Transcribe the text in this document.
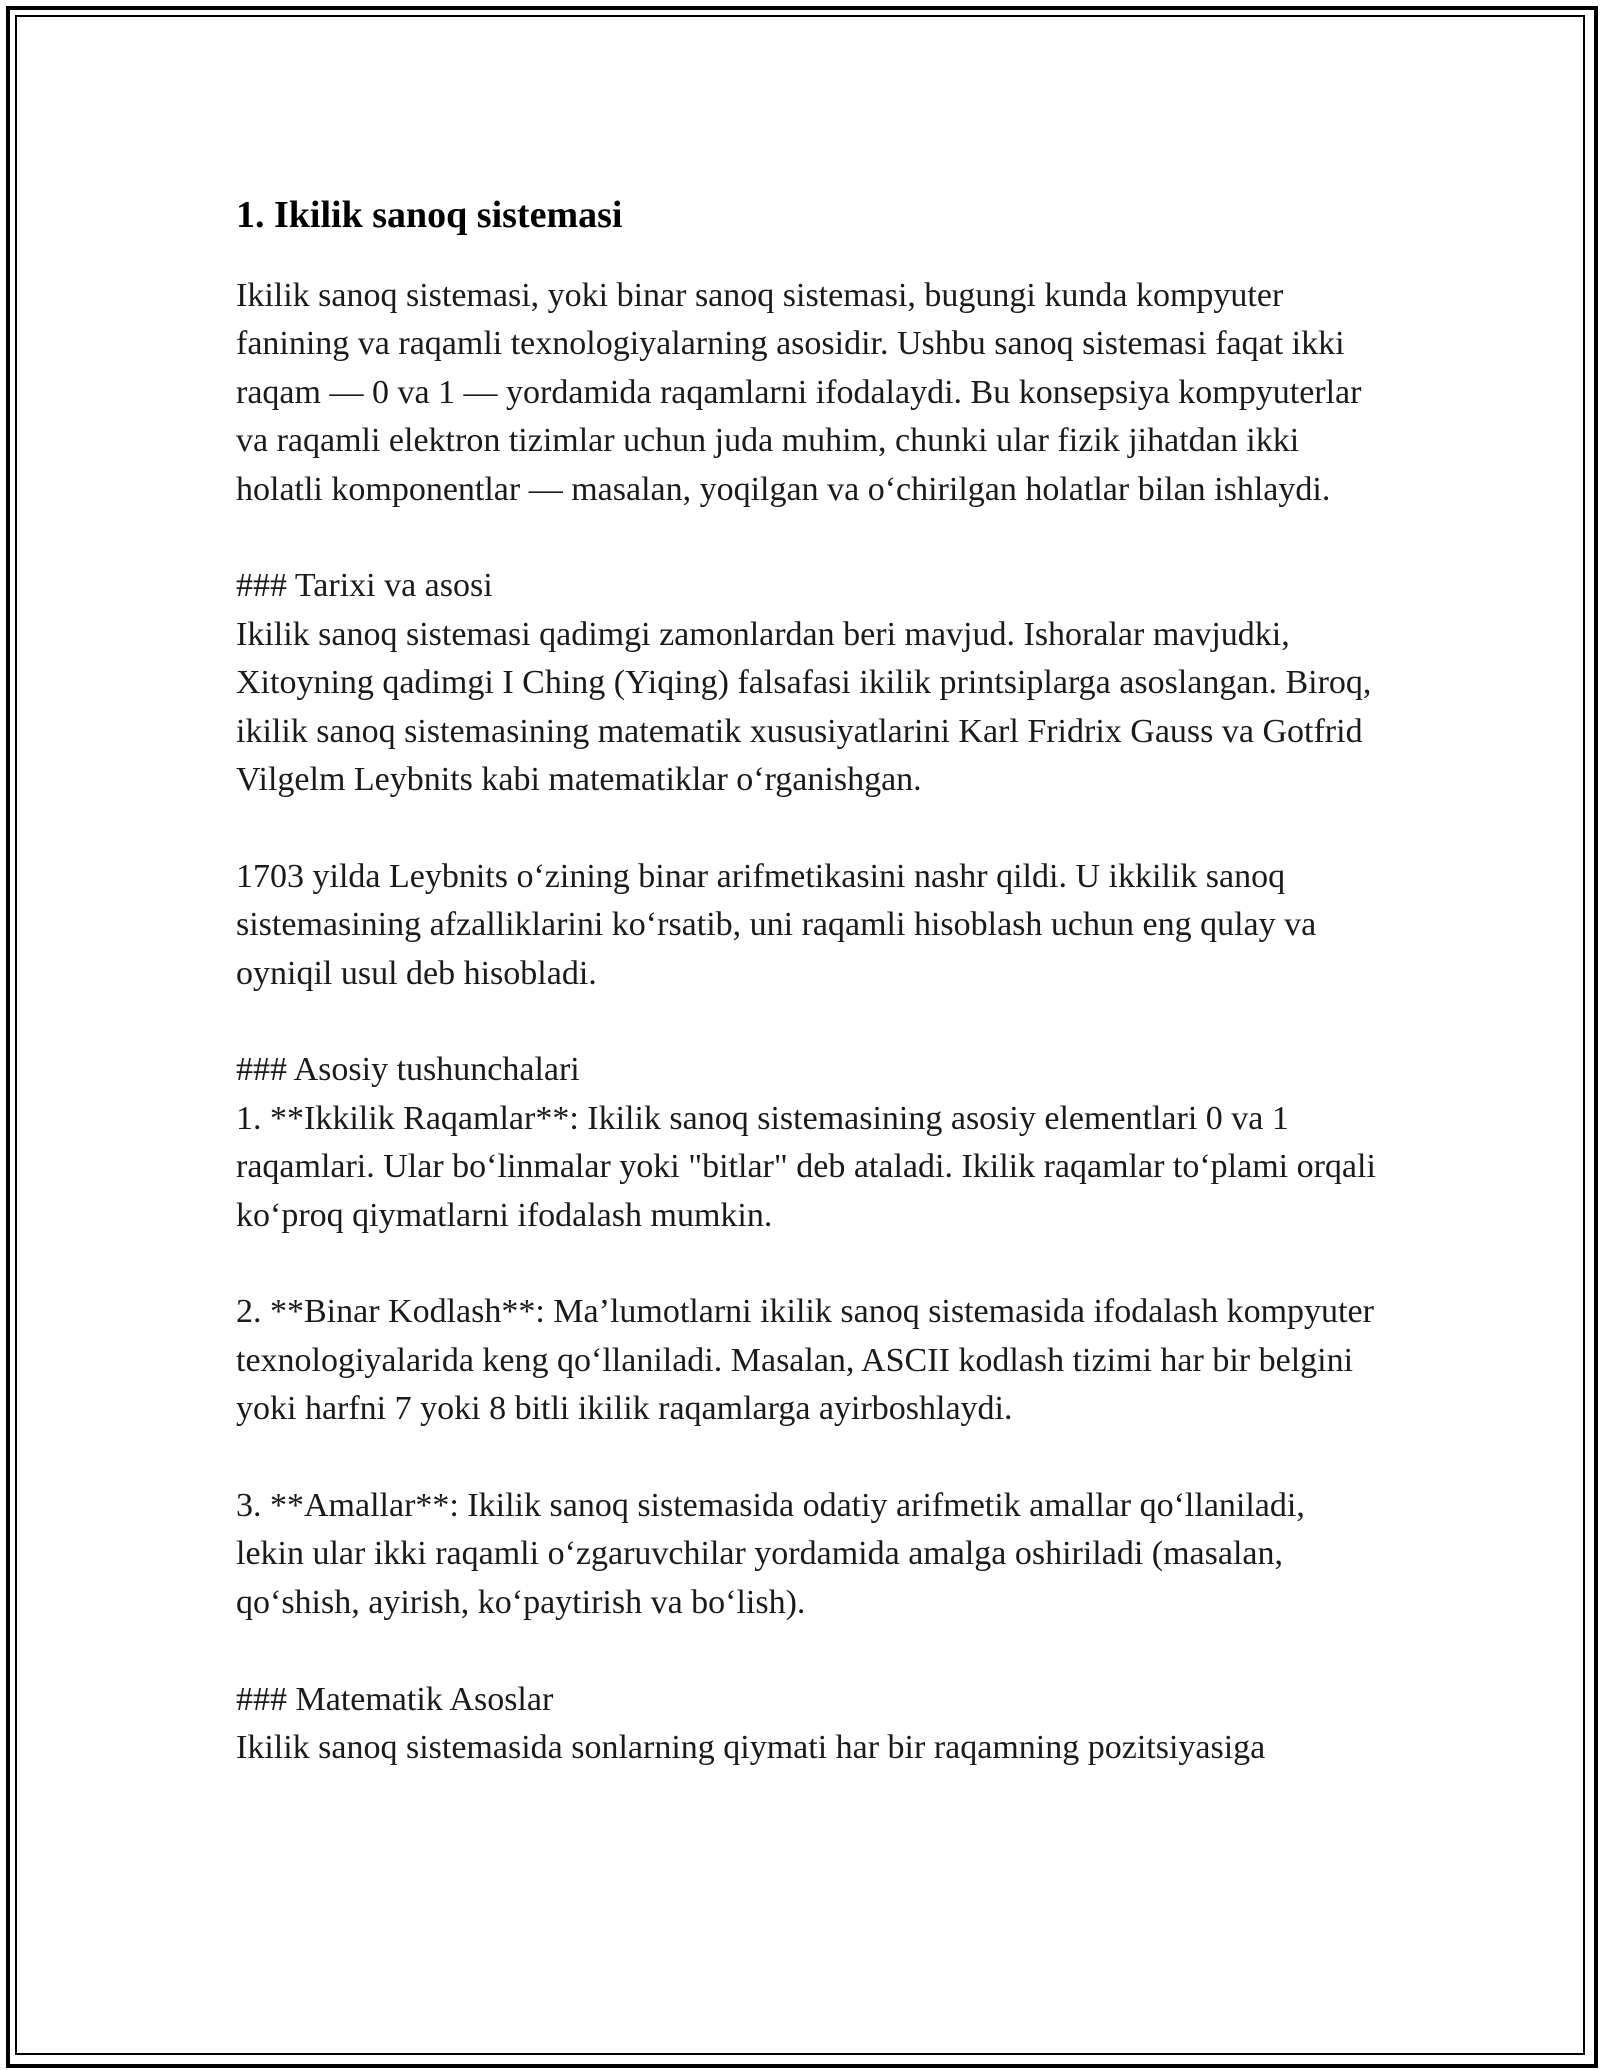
1. Ikilik sanoq sistemasi

Ikilik sanoq sistemasi, yoki binar sanoq sistemasi, bugungi kunda kompyuter fanining va raqamli texnologiyalarning asosidir. Ushbu sanoq sistemasi faqat ikki raqam — 0 va 1 — yordamida raqamlarni ifodalaydi. Bu konsepsiya kompyuterlar va raqamli elektron tizimlar uchun juda muhim, chunki ular fizik jihatdan ikki holatli komponentlar — masalan, yoqilgan va oʻchirilgan holatlar bilan ishlaydi.

### Tarixi va asosi

Ikilik sanoq sistemasi qadimgi zamonlardan beri mavjud. Ishoralar mavjudki, Xitoyning qadimgi I Ching (Yiqing) falsafasi ikilik printsiplarga asoslangan. Biroq, ikilik sanoq sistemasining matematik xususiyatlarini Karl Fridrix Gauss va Gotfrid Vilgelm Leybnits kabi matematiklar oʻrganishgan.

1703 yilda Leybnits oʻzining binar arifmetikasini nashr qildi. U ikkilik sanoq sistemasining afzalliklarini koʻrsatib, uni raqamli hisoblash uchun eng qulay va oyniqil usul deb hisobladi.

### Asosiy tushunchalari

1. **Ikkilik Raqamlar**: Ikilik sanoq sistemasining asosiy elementlari 0 va 1 raqamlari. Ular boʻlinmalar yoki "bitlar" deb ataladi. Ikilik raqamlar toʻplami orqali koʻproq qiymatlarni ifodalash mumkin.

2. **Binar Kodlash**: Ma’lumotlarni ikilik sanoq sistemasida ifodalash kompyuter texnologiyalarida keng qoʻllaniladi. Masalan, ASCII kodlash tizimi har bir belgini yoki harfni 7 yoki 8 bitli ikilik raqamlarga ayirboshlaydi.

3. **Amallar**: Ikilik sanoq sistemasida odatiy arifmetik amallar qoʻllaniladi, lekin ular ikki raqamli oʻzgaruvchilar yordamida amalga oshiriladi (masalan, qoʻshish, ayirish, koʻpaytirish va boʻlish).

### Matematik Asoslar

Ikilik sanoq sistemasida sonlarning qiymati har bir raqamning pozitsiyasiga
